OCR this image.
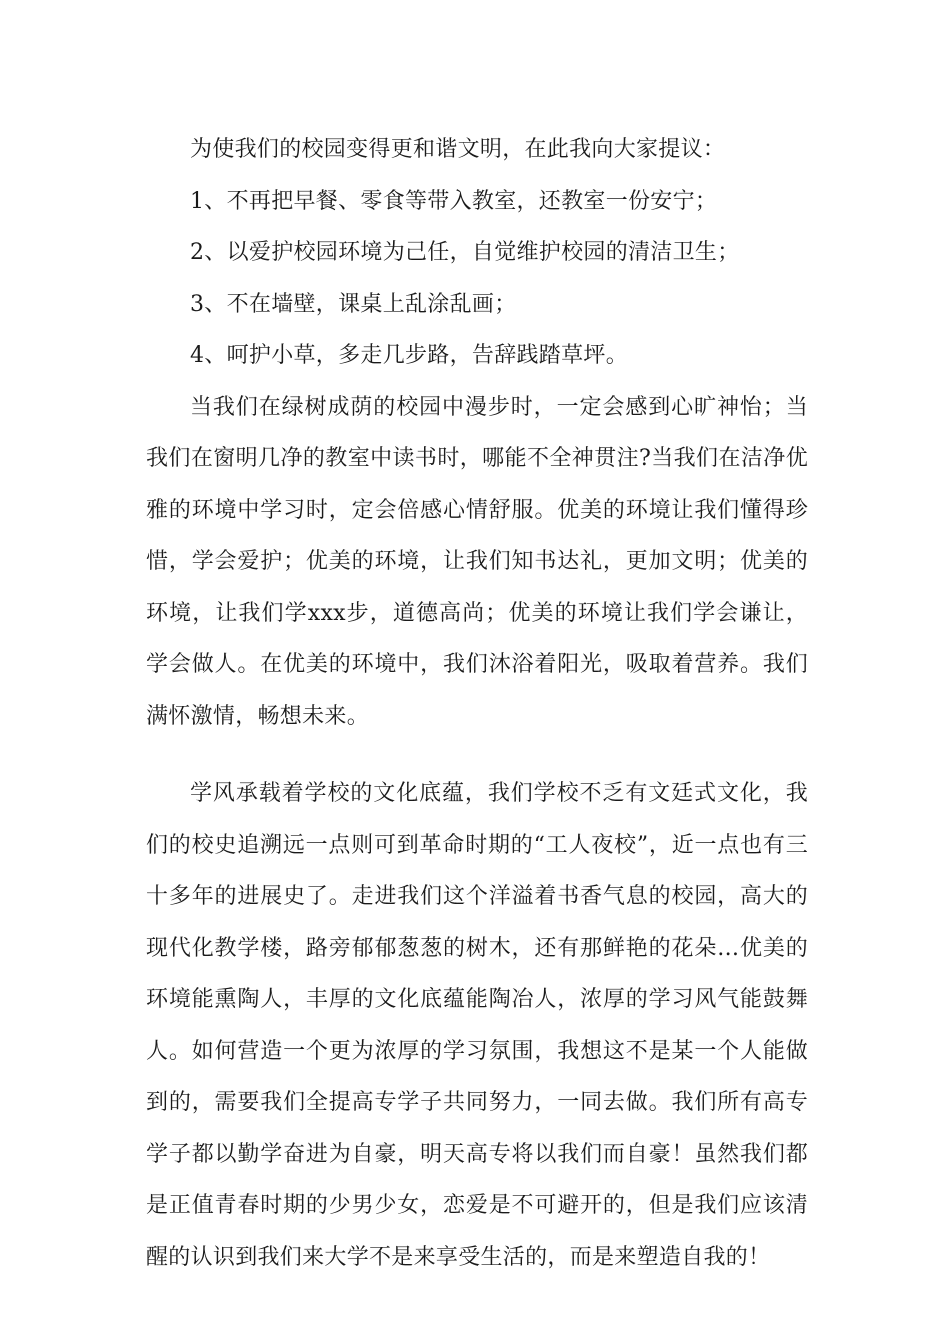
为使我们的校园变得更和谐文明，在此我向大家提议：

1、不再把早餐、零食等带入教室，还教室一份安宁；

2、以爱护校园环境为己任，自觉维护校园的清洁卫生；

3、不在墙壁，课桌上乱涂乱画；

4、呵护小草，多走几步路，告辞践踏草坪。

当我们在绿树成荫的校园中漫步时，一定会感到心旷神怡；当我们在窗明几净的教室中读书时，哪能不全神贯注?当我们在洁净优雅的环境中学习时，定会倍感心情舒服。优美的环境让我们懂得珍惜，学会爱护；优美的环境，让我们知书达礼，更加文明；优美的环境，让我们学xxx步，道德高尚；优美的环境让我们学会谦让，学会做人。在优美的环境中，我们沐浴着阳光，吸取着营养。我们满怀激情，畅想未来。

学风承载着学校的文化底蕴，我们学校不乏有文廷式文化，我们的校史追溯远一点则可到革命时期的“工人夜校”，近一点也有三十多年的进展史了。走进我们这个洋溢着书香气息的校园，高大的现代化教学楼，路旁郁郁葱葱的树木，还有那鲜艳的花朵…优美的环境能熏陶人，丰厚的文化底蕴能陶冶人，浓厚的学习风气能鼓舞人。如何营造一个更为浓厚的学习氛围，我想这不是某一个人能做到的，需要我们全提高专学子共同努力，一同去做。我们所有高专学子都以勤学奋进为自豪，明天高专将以我们而自豪！虽然我们都是正值青春时期的少男少女，恋爱是不可避开的，但是我们应该清醒的认识到我们来大学不是来享受生活的，而是来塑造自我的！
